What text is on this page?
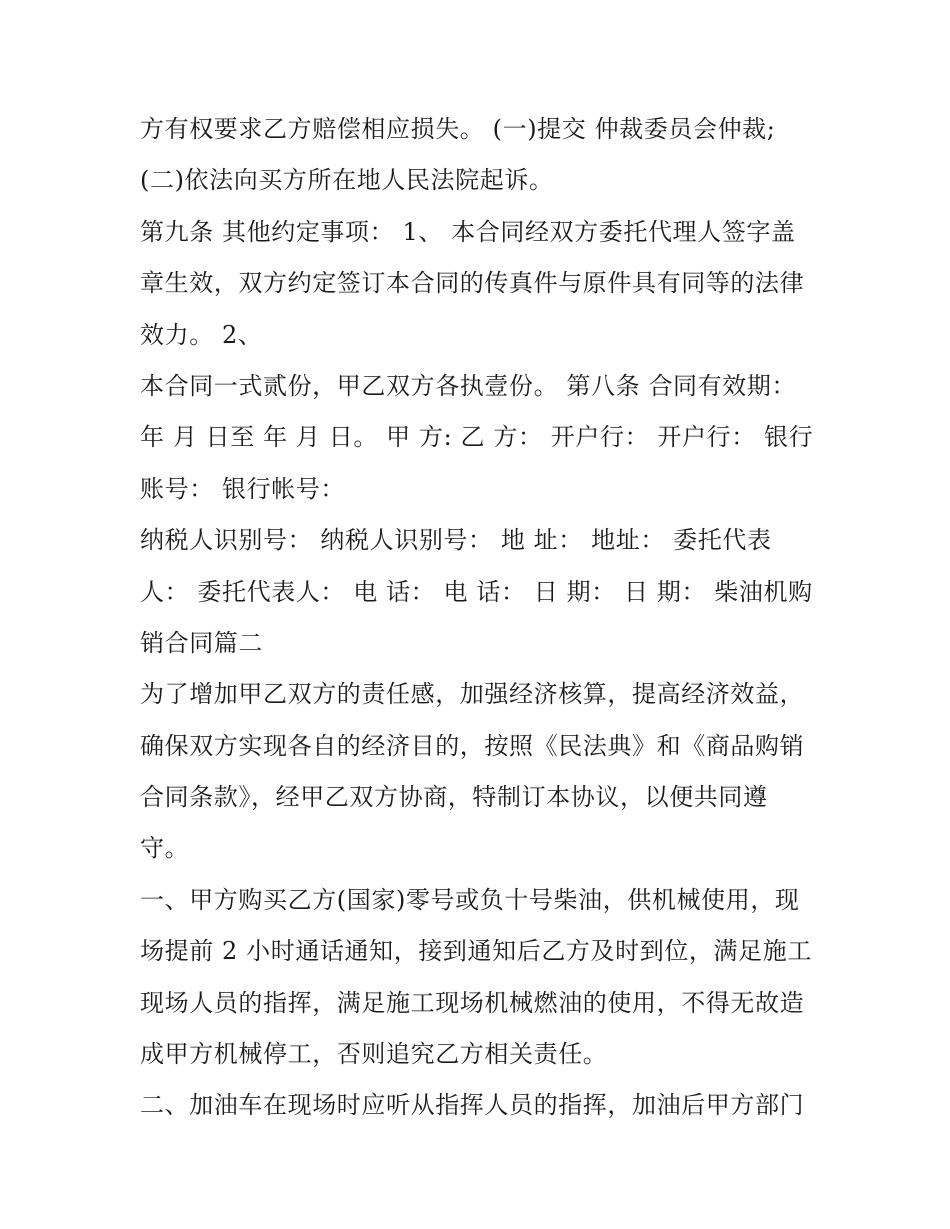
方有权要求乙方赔偿相应损失。 (一)提交 仲裁委员会仲裁;
(二)依法向买方所在地人民法院起诉。
第九条 其他约定事项： 1、 本合同经双方委托代理人签字盖
章生效，双方约定签订本合同的传真件与原件具有同等的法律
效力。 2、
本合同一式贰份，甲乙双方各执壹份。 第八条 合同有效期：
年 月 日至 年 月 日。 甲 方: 乙 方： 开户行： 开户行： 银行
账号： 银行帐号：
纳税人识别号： 纳税人识别号： 地 址： 地址： 委托代表
人： 委托代表人： 电 话： 电 话： 日 期： 日 期： 柴油机购
销合同篇二
为了增加甲乙双方的责任感，加强经济核算，提高经济效益，
确保双方实现各自的经济目的，按照《民法典》和《商品购销
合同条款》，经甲乙双方协商，特制订本协议，以便共同遵
守。
一、甲方购买乙方(国家)零号或负十号柴油，供机械使用，现
场提前 2 小时通话通知，接到通知后乙方及时到位，满足施工
现场人员的指挥，满足施工现场机械燃油的使用，不得无故造
成甲方机械停工，否则追究乙方相关责任。
二、加油车在现场时应听从指挥人员的指挥，加油后甲方部门
